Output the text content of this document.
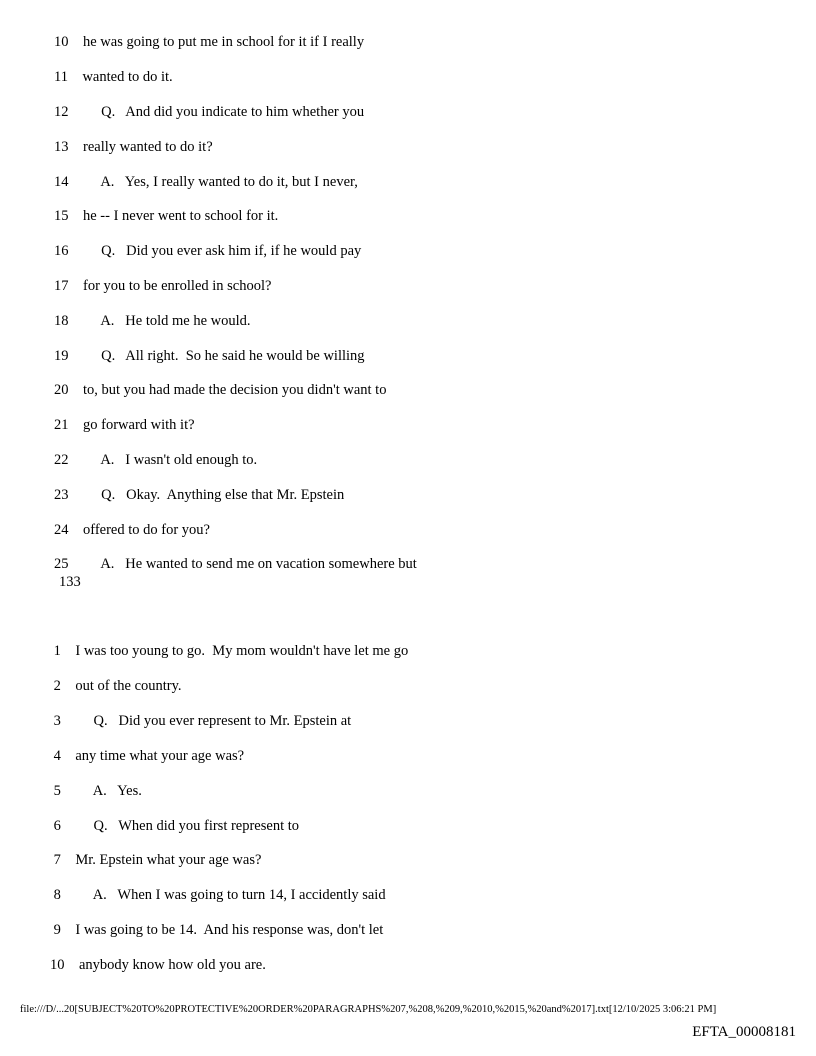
10    he was going to put me in school for it if I really
11    wanted to do it.
12         Q.   And did you indicate to him whether you
13    really wanted to do it?
14         A.   Yes, I really wanted to do it, but I never,
15    he -- I never went to school for it.
16         Q.   Did you ever ask him if, if he would pay
17    for you to be enrolled in school?
18         A.   He told me he would.
19         Q.   All right.  So he said he would be willing
20    to, but you had made the decision you didn't want to
21    go forward with it?
22         A.   I wasn't old enough to.
23         Q.   Okay.  Anything else that Mr. Epstein
24    offered to do for you?
25         A.   He wanted to send me on vacation somewhere but
133
1    I was too young to go.  My mom wouldn't have let me go
2    out of the country.
3         Q.   Did you ever represent to Mr. Epstein at
4    any time what your age was?
5         A.   Yes.
6         Q.   When did you first represent to
7    Mr. Epstein what your age was?
8         A.   When I was going to turn 14, I accidently said
9    I was going to be 14.  And his response was, don't let
10    anybody know how old you are.
file:///D/...20[SUBJECT%20TO%20PROTECTIVE%20ORDER%20PARAGRAPHS%207,%208,%209,%2010,%2015,%20and%2017].txt[12/10/2025 3:06:21 PM]
EFTA_00008181
